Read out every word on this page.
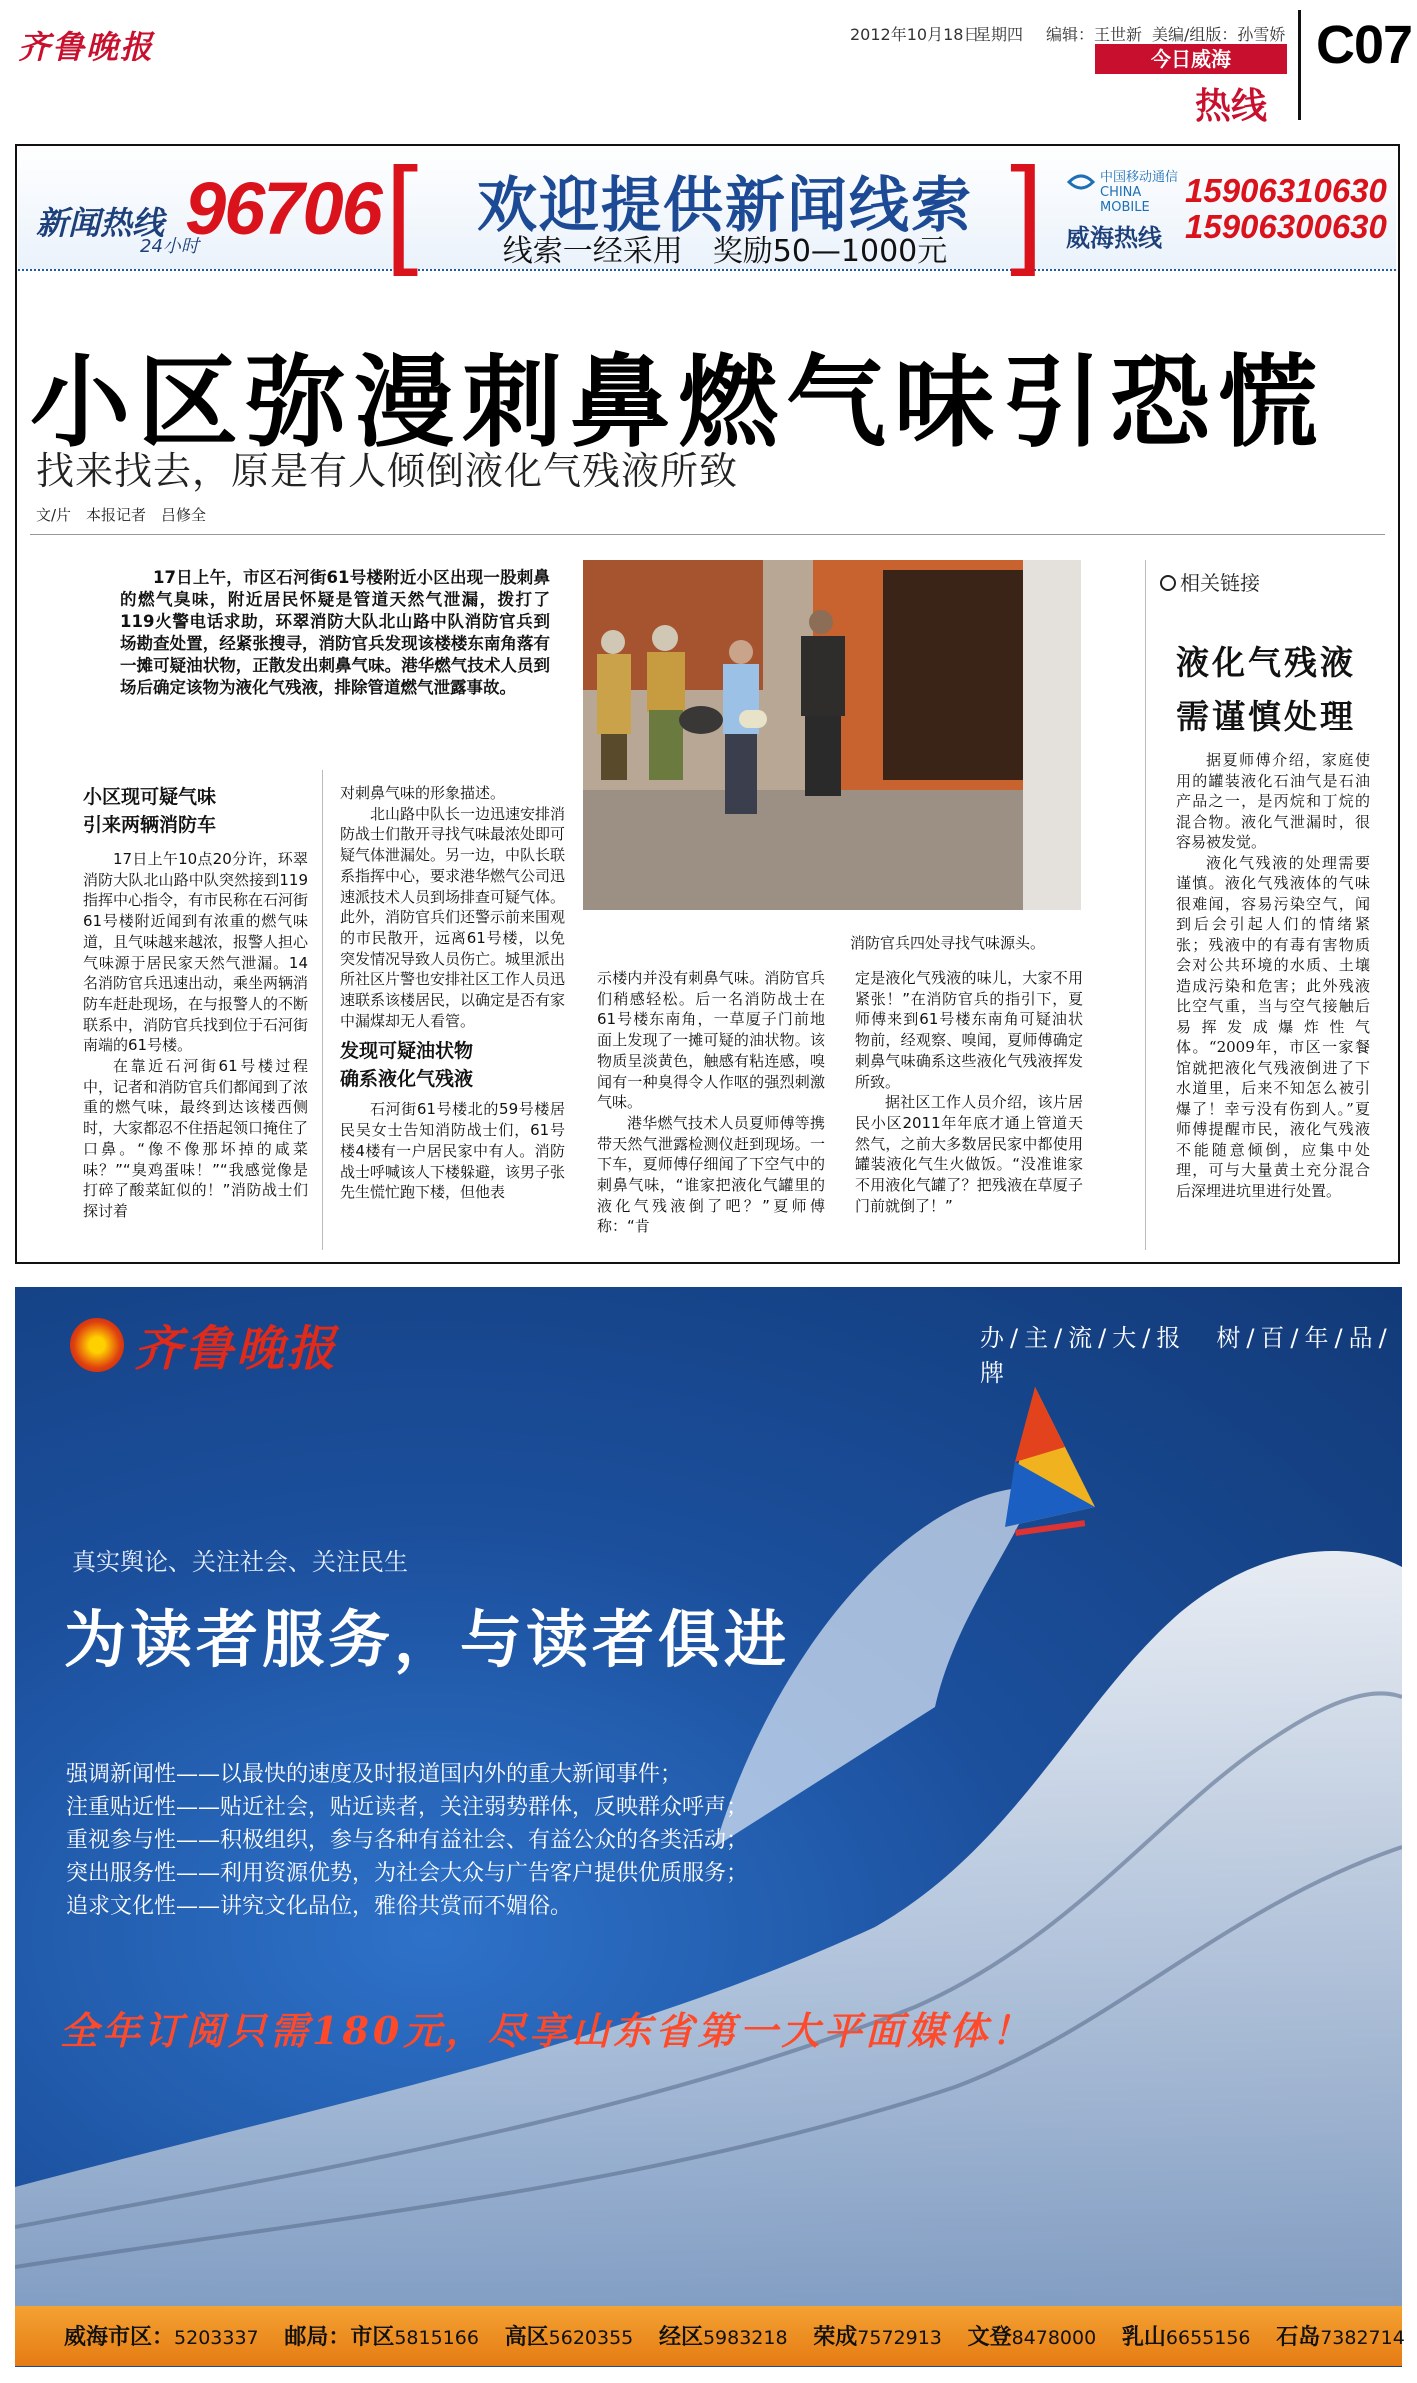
齐鲁晚报	2012年10月18日
星期四 编辑：王世新 美编/组版：孙雪娇
今日威海
热线
C07
新闻热线
24小时
96706 [	]
欢迎提供新闻线索
线索一经采用　奖励50—1000元
中国移动通信 CHINA MOBILE
威海热线
15906310630
15906300630
小区弥漫刺鼻燃气味引恐慌
找来找去，原是有人倾倒液化气残液所致
文/片　本报记者　吕修全
17日上午，市区石河街61号楼附近小区出现一股刺鼻的燃气臭味，附近居民怀疑是管道天然气泄漏，拨打了119火警电话求助，环翠消防大队北山路中队消防官兵到场勘查处置，经紧张搜寻，消防官兵发现该楼楼东南角落有一摊可疑油状物，正散发出刺鼻气味。港华燃气技术人员到场后确定该物为液化气残液，排除管道燃气泄露事故。
消防官兵四处寻找气味源头。
小区现可疑气味
引来两辆消防车

17日上午10点20分许，环翠消防大队北山路中队突然接到119指挥中心指令，有市民称在石河街61号楼附近闻到有浓重的燃气味道，且气味越来越浓，报警人担心气味源于居民家天然气泄漏。14名消防官兵迅速出动，乘坐两辆消防车赶赴现场，在与报警人的不断联系中，消防官兵找到位于石河街南端的61号楼。

在靠近石河街61号楼过程中，记者和消防官兵们都闻到了浓重的燃气味，最终到达该楼西侧时，大家都忍不住捂起领口掩住了口鼻。“像不像那坏掉的咸菜味？”“臭鸡蛋味！”“我感觉像是打碎了酸菜缸似的！”消防战士们探讨着

对刺鼻气味的形象描述。

北山路中队长一边迅速安排消防战士们散开寻找气味最浓处即可疑气体泄漏处。另一边，中队长联系指挥中心，要求港华燃气公司迅速派技术人员到场排查可疑气体。此外，消防官兵们还警示前来围观的市民散开，远离61号楼，以免突发情况导致人员伤亡。城里派出所社区片警也安排社区工作人员迅速联系该楼居民，以确定是否有家中漏煤却无人看管。

发现可疑油状物
确系液化气残液

石河街61号楼北的59号楼居民吴女士告知消防战士们，61号楼4楼有一户居民家中有人。消防战士呼喊该人下楼躲避，该男子张先生慌忙跑下楼，但他表

示楼内并没有刺鼻气味。消防官兵们稍感轻松。后一名消防战士在61号楼东南角，一草厦子门前地面上发现了一摊可疑的油状物。该物质呈淡黄色，触感有粘连感，嗅闻有一种臭得令人作呕的强烈刺激气味。

港华燃气技术人员夏师傅等携带天然气泄露检测仪赶到现场。一下车，夏师傅仔细闻了下空气中的刺鼻气味，“谁家把液化气罐里的液化气残液倒了吧？”夏师傅称：“肯

定是液化气残液的味儿，大家不用紧张！”在消防官兵的指引下，夏师傅来到61号楼东南角可疑油状物前，经观察、嗅闻，夏师傅确定刺鼻气味确系这些液化气残液挥发所致。

据社区工作人员介绍，该片居民小区2011年年底才通上管道天然气，之前大多数居民家中都使用罐装液化气生火做饭。“没准谁家不用液化气罐了？把残液在草厦子门前就倒了！”

相关链接
液化气残液
需谨慎处理

据夏师傅介绍，家庭使用的罐装液化石油气是石油产品之一，是丙烷和丁烷的混合物。液化气泄漏时，很容易被发觉。

液化气残液的处理需要谨慎。液化气残液体的气味很难闻，容易污染空气，闻到后会引起人们的情绪紧张；残液中的有毒有害物质会对公共环境的水质、土壤造成污染和危害；此外残液比空气重，当与空气接触后易挥发成爆炸性气体。“2009年，市区一家餐馆就把液化气残液倒进了下水道里，后来不知怎么被引爆了！幸亏没有伤到人。”夏师傅提醒市民，液化气残液不能随意倾倒，应集中处理，可与大量黄土充分混合后深埋进坑里进行处置。

齐鲁晚报	办/主/流/大/报　树/百/年/品/牌
真实舆论、关注社会、关注民生
为读者服务，与读者俱进
强调新闻性——以最快的速度及时报道国内外的重大新闻事件；
注重贴近性——贴近社会，贴近读者，关注弱势群体，反映群众呼声；
重视参与性——积极组织，参与各种有益社会、有益公众的各类活动；
突出服务性——利用资源优势，为社会大众与广告客户提供优质服务；
追求文化性——讲究文化品位，雅俗共赏而不媚俗。
全年订阅只需180元，尽享山东省第一大平面媒体！
威海市区：5203337 邮局：市区5815166 高区5620355 经区5983218 荣成7572913 文登8478000 乳山6655156 石岛7382714
